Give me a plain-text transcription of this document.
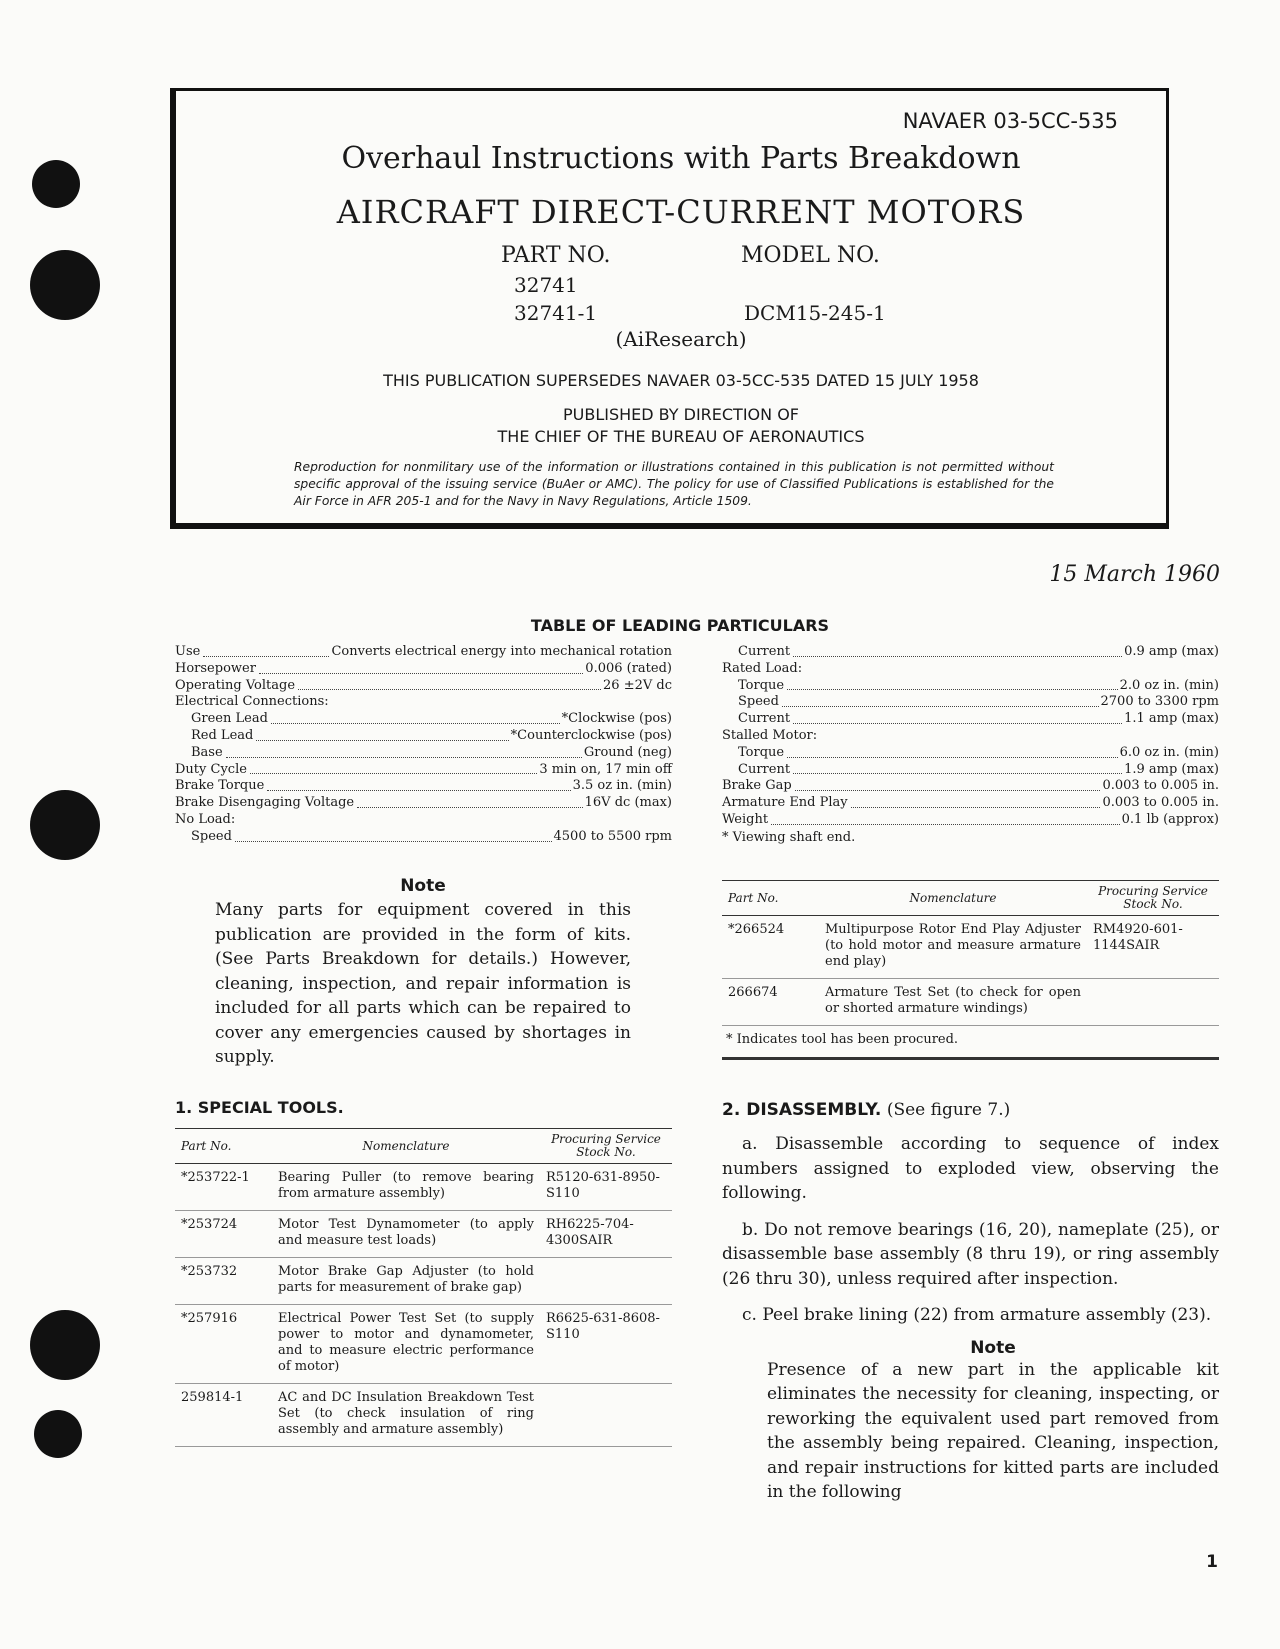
NAVAER 03-5CC-535
Overhaul Instructions with Parts Breakdown
AIRCRAFT DIRECT-CURRENT MOTORS
PART NO.	MODEL NO.
32741
32741-1	DCM15-245-1
(AiResearch)
THIS PUBLICATION SUPERSEDES NAVAER 03-5CC-535 DATED 15 JULY 1958
PUBLISHED BY DIRECTION OF
THE CHIEF OF THE BUREAU OF AERONAUTICS
Reproduction for nonmilitary use of the information or illustrations contained in this publication is not permitted without specific approval of the issuing service (BuAer or AMC). The policy for use of Classified Publications is established for the Air Force in AFR 205-1 and for the Navy in Navy Regulations, Article 1509.
15 March 1960
TABLE OF LEADING PARTICULARS
Use	Converts electrical energy into mechanical rotation
Horsepower	0.006 (rated)
Operating Voltage	26 ±2V dc
Electrical Connections:
Green Lead	*Clockwise (pos)
Red Lead	*Counterclockwise (pos)
Base	Ground (neg)
Duty Cycle	3 min on, 17 min off
Brake Torque	3.5 oz in. (min)
Brake Disengaging Voltage	16V dc (max)
No Load:
Speed	4500 to 5500 rpm
Current	0.9 amp (max)
Rated Load:
Torque	2.0 oz in. (min)
Speed	2700 to 3300 rpm
Current	1.1 amp (max)
Stalled Motor:
Torque	6.0 oz in. (min)
Current	1.9 amp (max)
Brake Gap	0.003 to 0.005 in.
Armature End Play	0.003 to 0.005 in.
Weight	0.1 lb (approx)
* Viewing shaft end.
Note
Many parts for equipment covered in this publication are provided in the form of kits. (See Parts Breakdown for details.) However, cleaning, inspection, and repair information is included for all parts which can be repaired to cover any emergencies caused by shortages in supply.
1. SPECIAL TOOLS.
Part No.	Nomenclature	Procuring Service Stock No.
*253722-1	Bearing Puller (to remove bearing from armature assembly)	R5120-631-8950-S110
*253724	Motor Test Dynamometer (to apply and measure test loads)	RH6225-704-4300SAIR
*253732	Motor Brake Gap Adjuster (to hold parts for measurement of brake gap)	
*257916	Electrical Power Test Set (to supply power to motor and dynamometer, and to measure electric performance of motor)	R6625-631-8608-S110
259814-1	AC and DC Insulation Breakdown Test Set (to check insulation of ring assembly and armature assembly)	
Part No.	Nomenclature	Procuring Service Stock No.
*266524	Multipurpose Rotor End Play Adjuster (to hold motor and measure armature end play)	RM4920-601-1144SAIR
266674	Armature Test Set (to check for open or shorted armature windings)	
* Indicates tool has been procured.
2. DISASSEMBLY. (See figure 7.)
a. Disassemble according to sequence of index numbers assigned to exploded view, observing the following.
b. Do not remove bearings (16, 20), nameplate (25), or disassemble base assembly (8 thru 19), or ring assembly (26 thru 30), unless required after inspection.
c. Peel brake lining (22) from armature assembly (23).
Note
Presence of a new part in the applicable kit eliminates the necessity for cleaning, inspecting, or reworking the equivalent used part removed from the assembly being repaired. Cleaning, inspection, and repair instructions for kitted parts are included in the following
1
